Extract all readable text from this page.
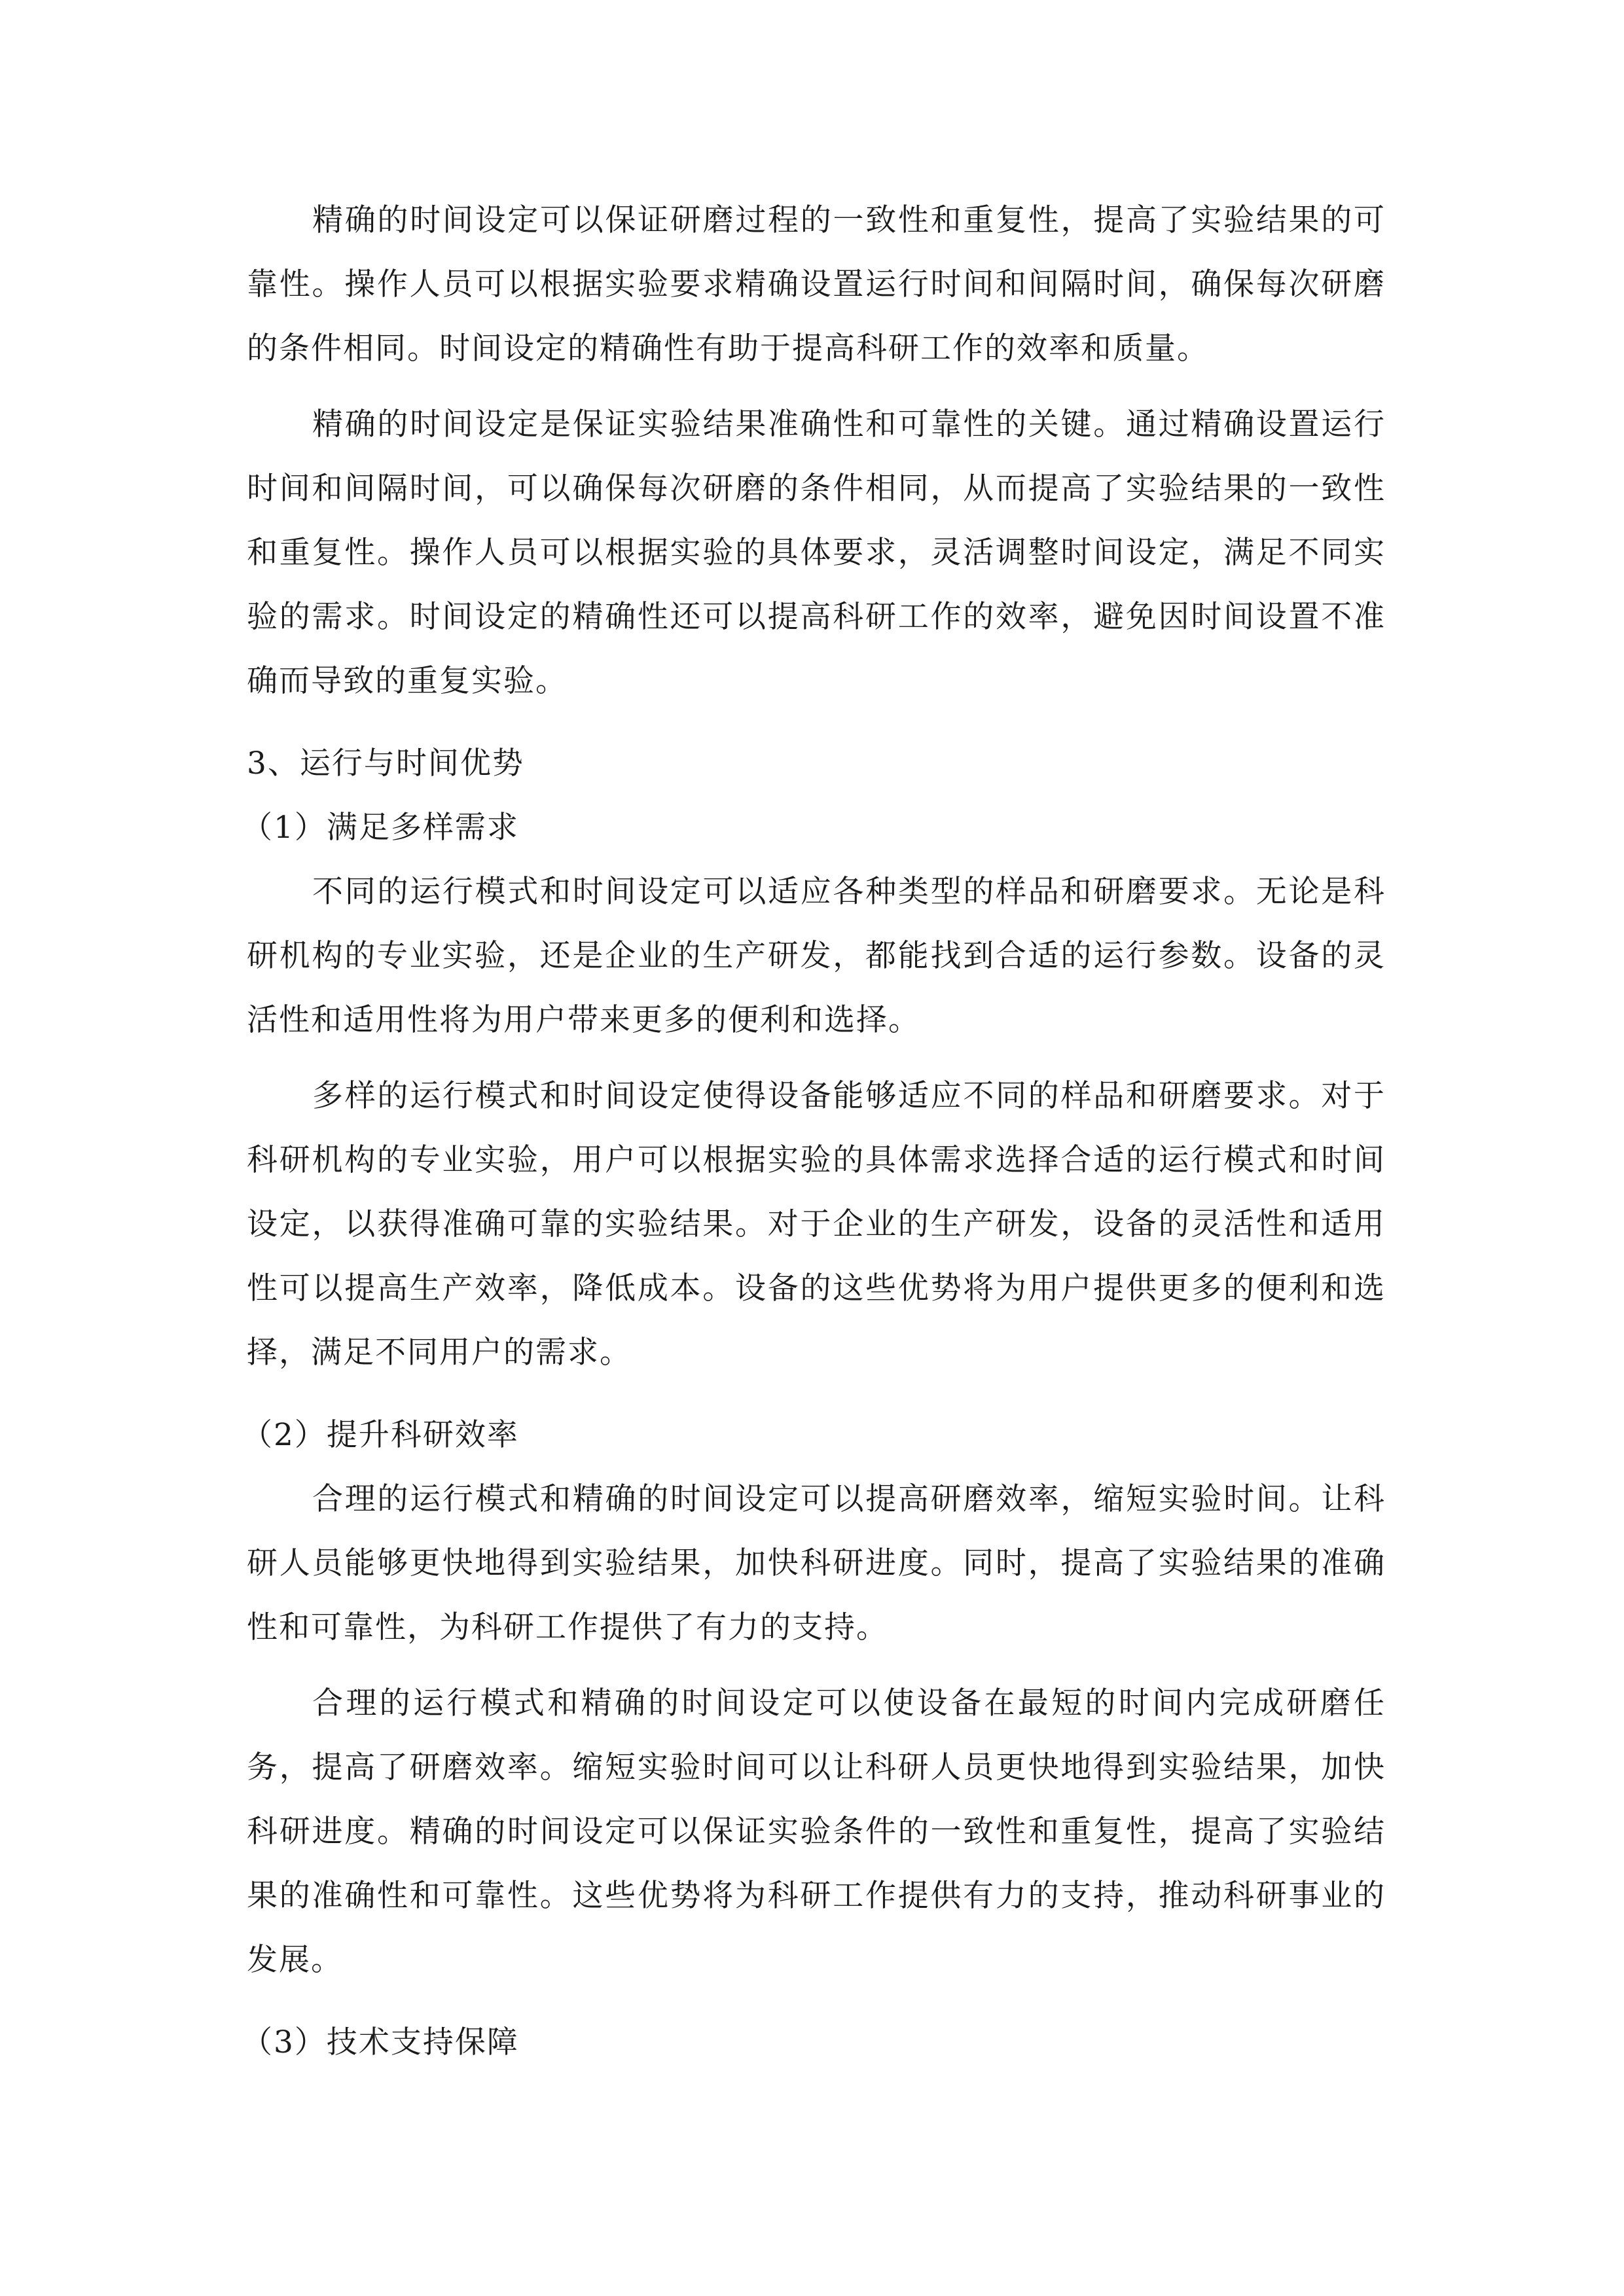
精确的时间设定可以保证研磨过程的一致性和重复性，提高了实验结果的可靠性。操作人员可以根据实验要求精确设置运行时间和间隔时间，确保每次研磨的条件相同。时间设定的精确性有助于提高科研工作的效率和质量。

精确的时间设定是保证实验结果准确性和可靠性的关键。通过精确设置运行时间和间隔时间，可以确保每次研磨的条件相同，从而提高了实验结果的一致性和重复性。操作人员可以根据实验的具体要求，灵活调整时间设定，满足不同实验的需求。时间设定的精确性还可以提高科研工作的效率，避免因时间设置不准确而导致的重复实验。

3、运行与时间优势

（1）满足多样需求

不同的运行模式和时间设定可以适应各种类型的样品和研磨要求。无论是科研机构的专业实验，还是企业的生产研发，都能找到合适的运行参数。设备的灵活性和适用性将为用户带来更多的便利和选择。

多样的运行模式和时间设定使得设备能够适应不同的样品和研磨要求。对于科研机构的专业实验，用户可以根据实验的具体需求选择合适的运行模式和时间设定，以获得准确可靠的实验结果。对于企业的生产研发，设备的灵活性和适用性可以提高生产效率，降低成本。设备的这些优势将为用户提供更多的便利和选择，满足不同用户的需求。

（2）提升科研效率

合理的运行模式和精确的时间设定可以提高研磨效率，缩短实验时间。让科研人员能够更快地得到实验结果，加快科研进度。同时，提高了实验结果的准确性和可靠性，为科研工作提供了有力的支持。

合理的运行模式和精确的时间设定可以使设备在最短的时间内完成研磨任务，提高了研磨效率。缩短实验时间可以让科研人员更快地得到实验结果，加快科研进度。精确的时间设定可以保证实验条件的一致性和重复性，提高了实验结果的准确性和可靠性。这些优势将为科研工作提供有力的支持，推动科研事业的发展。

（3）技术支持保障
